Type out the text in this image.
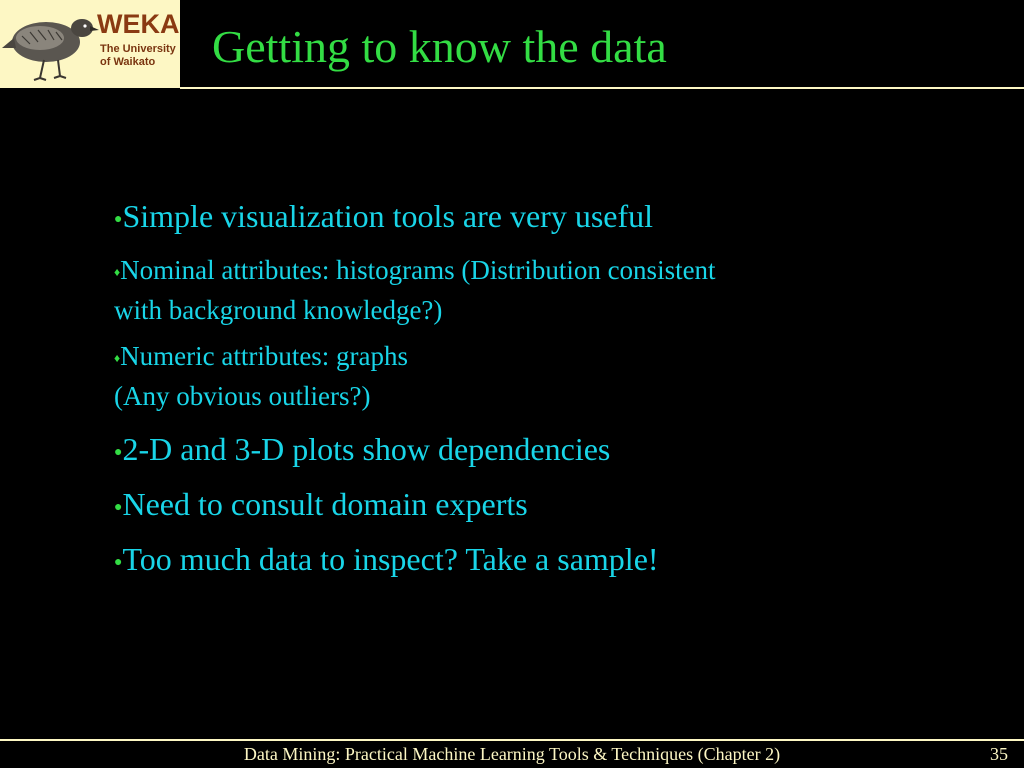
WEKA
The University
of Waikato Getting to know the data
●Simple visualization tools are very useful
♦Nominal attributes: histograms (Distribution consistent
with background knowledge?)
♦Numeric attributes: graphs
(Any obvious outliers?)
●2-D and 3-D plots show dependencies
●Need to consult domain experts
●Too much data to inspect? Take a sample!
Data Mining: Practical Machine Learning Tools & Techniques (Chapter 2)	35
